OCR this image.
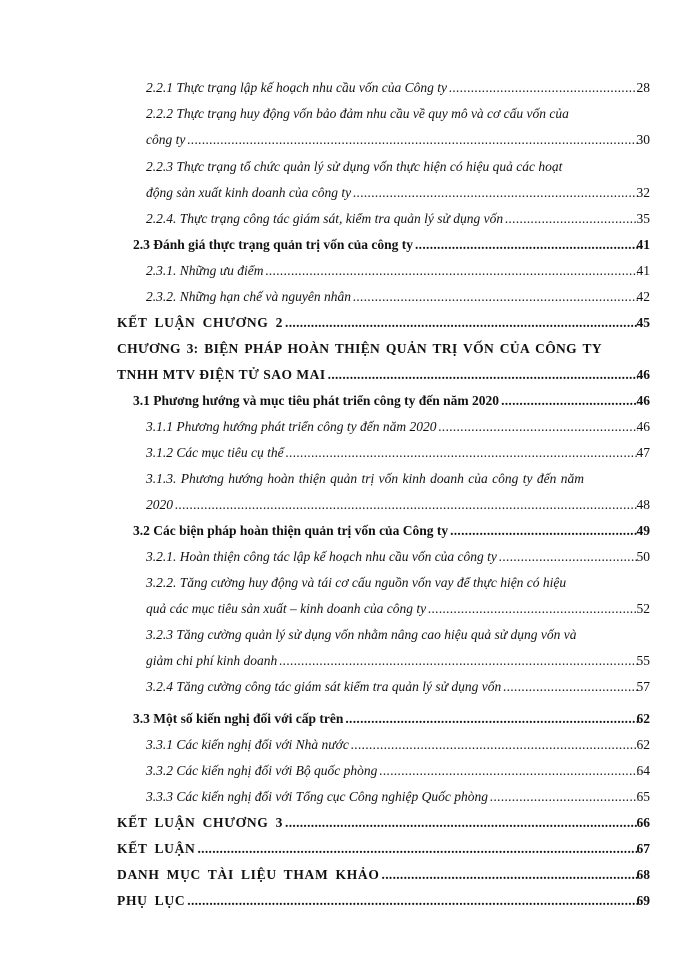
2.2.1 Thực trạng lập kế hoạch nhu cầu vốn của Công ty .....	28
2.2.2 Thực trạng huy động vốn bảo đảm nhu cầu về quy mô và cơ cấu vốn của
công ty .....	30
2.2.3 Thực trạng tổ chức quản lý sử dụng vốn thực hiện có hiệu quả các hoạt
động sản xuất kinh doanh của công ty .....	32
2.2.4. Thực trạng công tác giám sát, kiểm tra quản lý sử dụng vốn .....	35
2.3 Đánh giá thực trạng quản trị vốn của công ty .....	41
2.3.1. Những ưu điểm .....	41
2.3.2. Những hạn chế và nguyên nhân .....	42
KẾT LUẬN CHƯƠNG 2 .....	45
CHƯƠNG 3: BIỆN PHÁP HOÀN THIỆN QUẢN TRỊ VỐN CỦA CÔNG TY
TNHH MTV ĐIỆN TỬ SAO MAI .....	46
3.1 Phương hướng và mục tiêu phát triển công ty đến năm 2020 .....	46
3.1.1 Phương hướng phát triển công ty đến năm 2020 .....	46
3.1.2 Các mục tiêu cụ thể .....	47
3.1.3. Phương hướng hoàn thiện quản trị vốn kinh doanh của công ty đến năm
2020 .....	48
3.2 Các biện pháp hoàn thiện quản trị vốn của Công ty .....	49
3.2.1. Hoàn thiện công tác lập kế hoạch nhu cầu vốn của công ty .....	50
3.2.2. Tăng cường huy động và tái cơ cấu nguồn vốn vay để thực hiện có hiệu
quả các mục tiêu sản xuất – kinh doanh của công ty .....	52
3.2.3 Tăng cường quản lý sử dụng vốn nhằm nâng cao hiệu quả sử dụng vốn và
giảm chi phí kinh doanh .....	55
3.2.4 Tăng cường công tác giám sát kiểm tra quản lý sử dụng vốn .....	57
3.3 Một số kiến nghị đối với cấp trên .....	62
3.3.1 Các kiến nghị đối với Nhà nước .....	62
3.3.2 Các kiến nghị đối với Bộ quốc phòng .....	64
3.3.3 Các kiến nghị đối với Tổng cục Công nghiệp Quốc phòng .....	65
KẾT LUẬN CHƯƠNG 3 .....	66
KẾT LUẬN .....	67
DANH MỤC TÀI LIỆU THAM KHẢO .....	68
PHỤ LỤC .....	69
